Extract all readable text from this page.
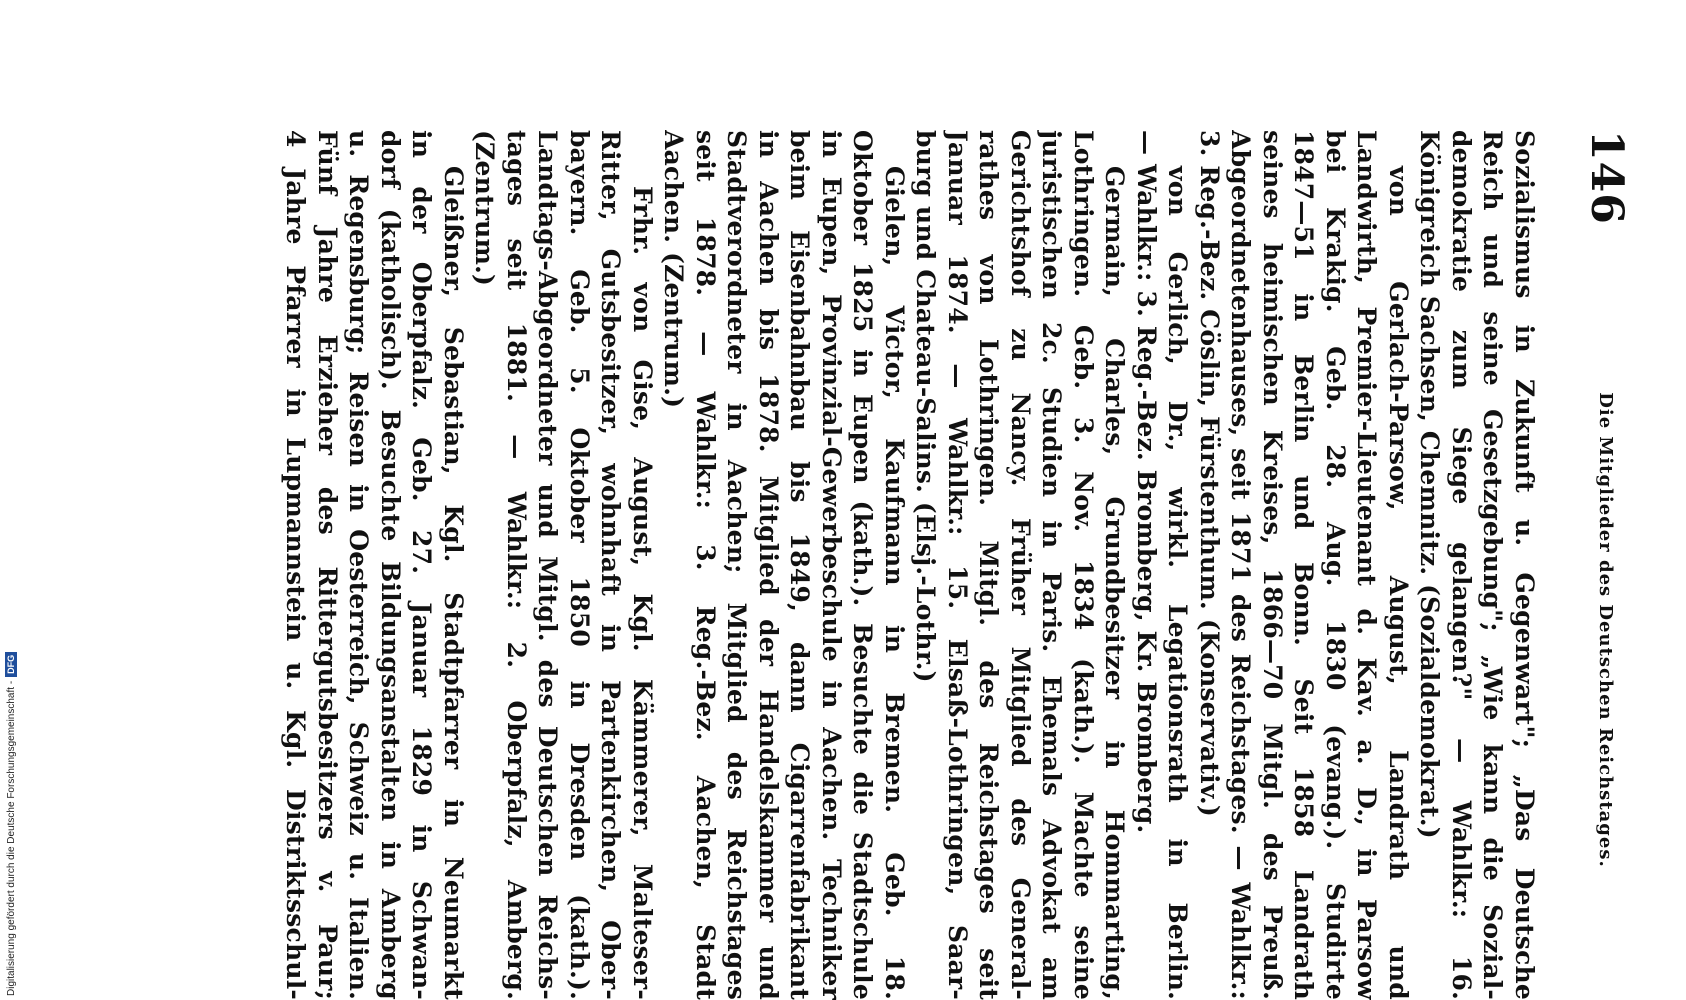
Digitalisierung gefördert durch die Deutsche Forschungsgemeinschaft -
DFG
146
Die Mitglieder des Deutschen Reichstages.
Sozialismus in Zukunft u. Gegenwart"; „Das Deutsche
Reich und seine Gesetzgebung"; „Wie kann die Sozial-
demokratie zum Siege gelangen?" — Wahlkr.: 16.
Königreich Sachsen, Chemnitz. (Sozialdemokrat.)
von Gerlach-Parsow, August, Landrath und
Landwirth, Premier-Lieutenant d. Kav. a. D., in Parsow
bei Krakig. Geb. 28. Aug. 1830 (evang.). Studirte
1847—51 in Berlin und Bonn. Seit 1858 Landrath
seines heimischen Kreises, 1866—70 Mitgl. des Preuß.
Abgeordnetenhauses, seit 1871 des Reichstages. — Wahlkr.:
3. Reg.-Bez. Cöslin, Fürstenthum. (Konservativ.)
von Gerlich, Dr., wirkl. Legationsrath in Berlin.
— Wahlkr.: 3. Reg.-Bez. Bromberg, Kr. Bromberg.
Germain, Charles, Grundbesitzer in Hommarting,
Lothringen. Geb. 3. Nov. 1834 (kath.). Machte seine
juristischen 2c. Studien in Paris. Ehemals Advokat am
Gerichtshof zu Nancy. Früher Mitglied des General-
rathes von Lothringen. Mitgl. des Reichstages seit
Januar 1874. — Wahlkr.: 15. Elsaß-Lothringen, Saar-
burg und Chateau-Salins. (Elsj.-Lothr.)
Gielen, Victor, Kaufmann in Bremen. Geb. 18.
Oktober 1825 in Eupen (kath.). Besuchte die Stadtschule
in Eupen, Provinzial-Gewerbeschule in Aachen. Techniker
beim Eisenbahnbau bis 1849, dann Cigarrenfabrikant
in Aachen bis 1878. Mitglied der Handelskammer und
Stadtverordneter in Aachen; Mitglied des Reichstages
seit 1878. — Wahlkr.: 3. Reg.-Bez. Aachen, Stadt
Aachen. (Zentrum.)
Frhr. von Gise, August, Kgl. Kämmerer, Malteser-
Ritter, Gutsbesitzer, wohnhaft in Partenkirchen, Ober-
bayern. Geb. 5. Oktober 1850 in Dresden (kath.).
Landtags-Abgeordneter und Mitgl. des Deutschen Reichs-
tages seit 1881. — Wahlkr.: 2. Oberpfalz, Amberg.
(Zentrum.)
Gleißner, Sebastian, Kgl. Stadtpfarrer in Neumarkt
in der Oberpfalz. Geb. 27. Januar 1829 in Schwan-
dorf (katholisch). Besuchte Bildungsanstalten in Amberg
u. Regensburg; Reisen in Oesterreich, Schweiz u. Italien.
Fünf Jahre Erzieher des Rittergutsbesitzers v. Paur;
4 Jahre Pfarrer in Lupmannstein u. Kgl. Distriktsschul-
